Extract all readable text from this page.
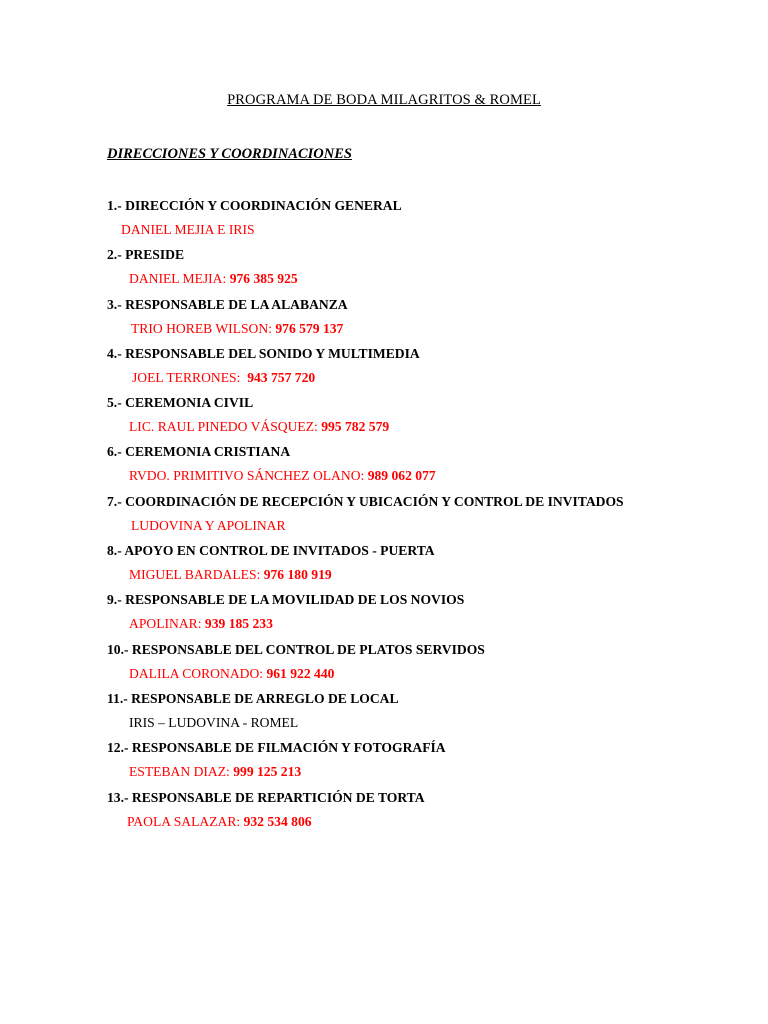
PROGRAMA DE BODA MILAGRITOS & ROMEL
DIRECCIONES Y COORDINACIONES
1.- DIRECCIÓN Y COORDINACIÓN GENERAL
DANIEL MEJIA E IRIS
2.- PRESIDE
DANIEL MEJIA: 976 385 925
3.- RESPONSABLE DE LA ALABANZA
TRIO HOREB WILSON: 976 579 137
4.- RESPONSABLE DEL SONIDO Y MULTIMEDIA
JOEL TERRONES:  943 757 720
5.- CEREMONIA CIVIL
LIC. RAUL PINEDO VÁSQUEZ: 995 782 579
6.- CEREMONIA CRISTIANA
RVDO. PRIMITIVO SÁNCHEZ OLANO: 989 062 077
7.- COORDINACIÓN DE RECEPCIÓN Y UBICACIÓN Y CONTROL DE INVITADOS
LUDOVINA Y APOLINAR
8.- APOYO EN CONTROL DE INVITADOS - PUERTA
MIGUEL BARDALES: 976 180 919
9.- RESPONSABLE DE LA MOVILIDAD DE LOS NOVIOS
APOLINAR: 939 185 233
10.- RESPONSABLE DEL CONTROL DE PLATOS SERVIDOS
DALILA CORONADO: 961 922 440
11.- RESPONSABLE DE ARREGLO DE LOCAL
IRIS – LUDOVINA - ROMEL
12.- RESPONSABLE DE FILMACIÓN Y FOTOGRAFÍA
ESTEBAN DIAZ: 999 125 213
13.- RESPONSABLE DE REPARTICIÓN DE TORTA
PAOLA SALAZAR: 932 534 806
